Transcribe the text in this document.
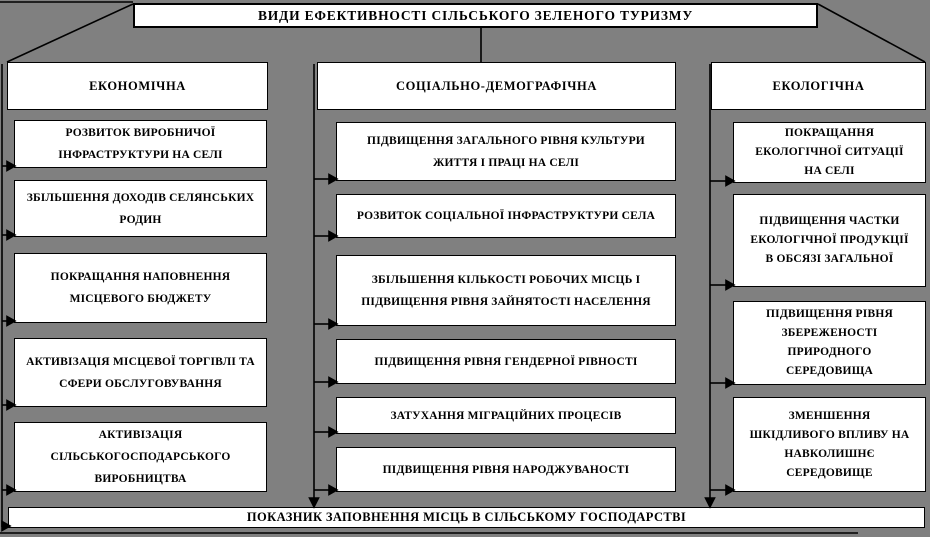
ВИДИ ЕФЕКТИВНОСТІ СІЛЬСЬКОГО ЗЕЛЕНОГО ТУРИЗМУ
ЕКОНОМІЧНА	СОЦІАЛЬНО-ДЕМОГРАФІЧНА	ЕКОЛОГІЧНА
РОЗВИТОК ВИРОБНИЧОЇ ІНФРАСТРУКТУРИ НА СЕЛІ
ЗБІЛЬШЕННЯ ДОХОДІВ СЕЛЯНСЬКИХ РОДИН
ПОКРАЩАННЯ НАПОВНЕННЯ МІСЦЕВОГО БЮДЖЕТУ
АКТИВІЗАЦІЯ МІСЦЕВОЇ ТОРГІВЛІ ТА СФЕРИ ОБСЛУГОВУВАННЯ
АКТИВІЗАЦІЯ СІЛЬСЬКОГОСПОДАРСЬКОГО ВИРОБНИЦТВА
ПІДВИЩЕННЯ ЗАГАЛЬНОГО РІВНЯ КУЛЬТУРИ ЖИТТЯ І ПРАЦІ НА СЕЛІ
РОЗВИТОК СОЦІАЛЬНОЇ ІНФРАСТРУКТУРИ СЕЛА
ЗБІЛЬШЕННЯ КІЛЬКОСТІ РОБОЧИХ МІСЦЬ І ПІДВИЩЕННЯ РІВНЯ ЗАЙНЯТОСТІ НАСЕЛЕННЯ
ПІДВИЩЕННЯ РІВНЯ ГЕНДЕРНОЇ РІВНОСТІ
ЗАТУХАННЯ МІГРАЦІЙНИХ ПРОЦЕСІВ
ПІДВИЩЕННЯ РІВНЯ НАРОДЖУВАНОСТІ
ПОКРАЩАННЯ ЕКОЛОГІЧНОЇ СИТУАЦІЇ НА СЕЛІ
ПІДВИЩЕННЯ ЧАСТКИ ЕКОЛОГІЧНОЇ ПРОДУКЦІЇ В ОБСЯЗІ ЗАГАЛЬНОЇ
ПІДВИЩЕННЯ РІВНЯ ЗБЕРЕЖЕНОСТІ ПРИРОДНОГО СЕРЕДОВИЩА
ЗМЕНШЕННЯ ШКІДЛИВОГО ВПЛИВУ НА НАВКОЛИШНЄ СЕРЕДОВИЩЕ
ПОКАЗНИК ЗАПОВНЕННЯ МІСЦЬ В СІЛЬСЬКОМУ ГОСПОДАРСТВІ
